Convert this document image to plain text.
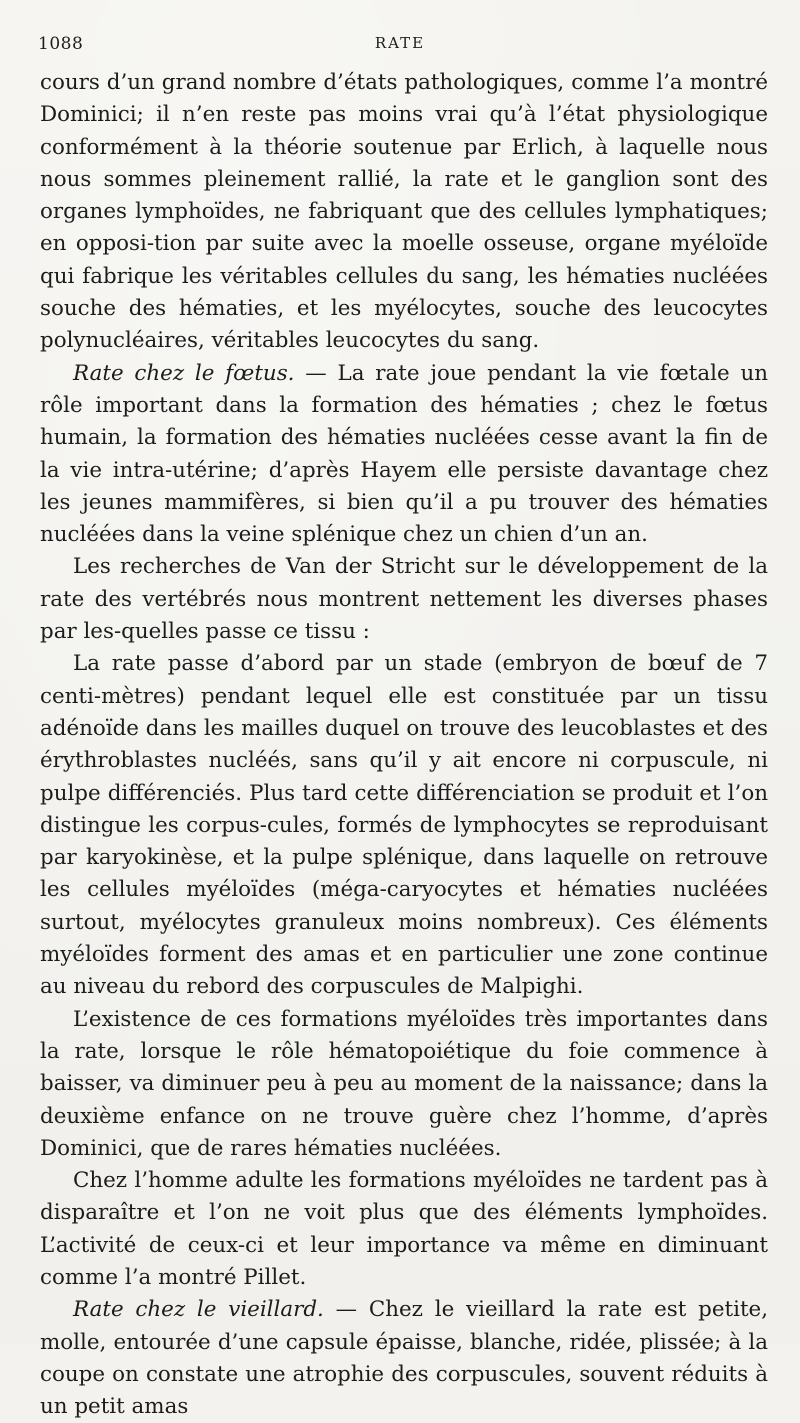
1088	RATE

cours d’un grand nombre d’états pathologiques, comme l’a montré Dominici; il n’en reste pas moins vrai qu’à l’état physiologique conformément à la théorie soutenue par Erlich, à laquelle nous nous sommes pleinement rallié, la rate et le ganglion sont des organes lymphoïdes, ne fabriquant que des cellules lymphatiques; en opposi-tion par suite avec la moelle osseuse, organe myéloïde qui fabrique les véritables cellules du sang, les hématies nucléées souche des hématies, et les myélocytes, souche des leucocytes polynucléaires, véritables leucocytes du sang.

Rate chez le fœtus. — La rate joue pendant la vie fœtale un rôle important dans la formation des hématies ; chez le fœtus humain, la formation des hématies nucléées cesse avant la fin de la vie intra-utérine; d’après Hayem elle persiste davantage chez les jeunes mammifères, si bien qu’il a pu trouver des hématies nucléées dans la veine splénique chez un chien d’un an.

Les recherches de Van der Stricht sur le développement de la rate des vertébrés nous montrent nettement les diverses phases par les-quelles passe ce tissu :

La rate passe d’abord par un stade (embryon de bœuf de 7 centi-mètres) pendant lequel elle est constituée par un tissu adénoïde dans les mailles duquel on trouve des leucoblastes et des érythroblastes nucléés, sans qu’il y ait encore ni corpuscule, ni pulpe différenciés. Plus tard cette différenciation se produit et l’on distingue les corpus-cules, formés de lymphocytes se reproduisant par karyokinèse, et la pulpe splénique, dans laquelle on retrouve les cellules myéloïdes (méga-caryocytes et hématies nucléées surtout, myélocytes granuleux moins nombreux). Ces éléments myéloïdes forment des amas et en particulier une zone continue au niveau du rebord des corpuscules de Malpighi.

L’existence de ces formations myéloïdes très importantes dans la rate, lorsque le rôle hématopoiétique du foie commence à baisser, va diminuer peu à peu au moment de la naissance; dans la deuxième enfance on ne trouve guère chez l’homme, d’après Dominici, que de rares hématies nucléées.

Chez l’homme adulte les formations myéloïdes ne tardent pas à disparaître et l’on ne voit plus que des éléments lymphoïdes. L’activité de ceux-ci et leur importance va même en diminuant comme l’a montré Pillet.

Rate chez le vieillard. — Chez le vieillard la rate est petite, molle, entourée d’une capsule épaisse, blanche, ridée, plissée; à la coupe on constate une atrophie des corpuscules, souvent réduits à un petit amas
